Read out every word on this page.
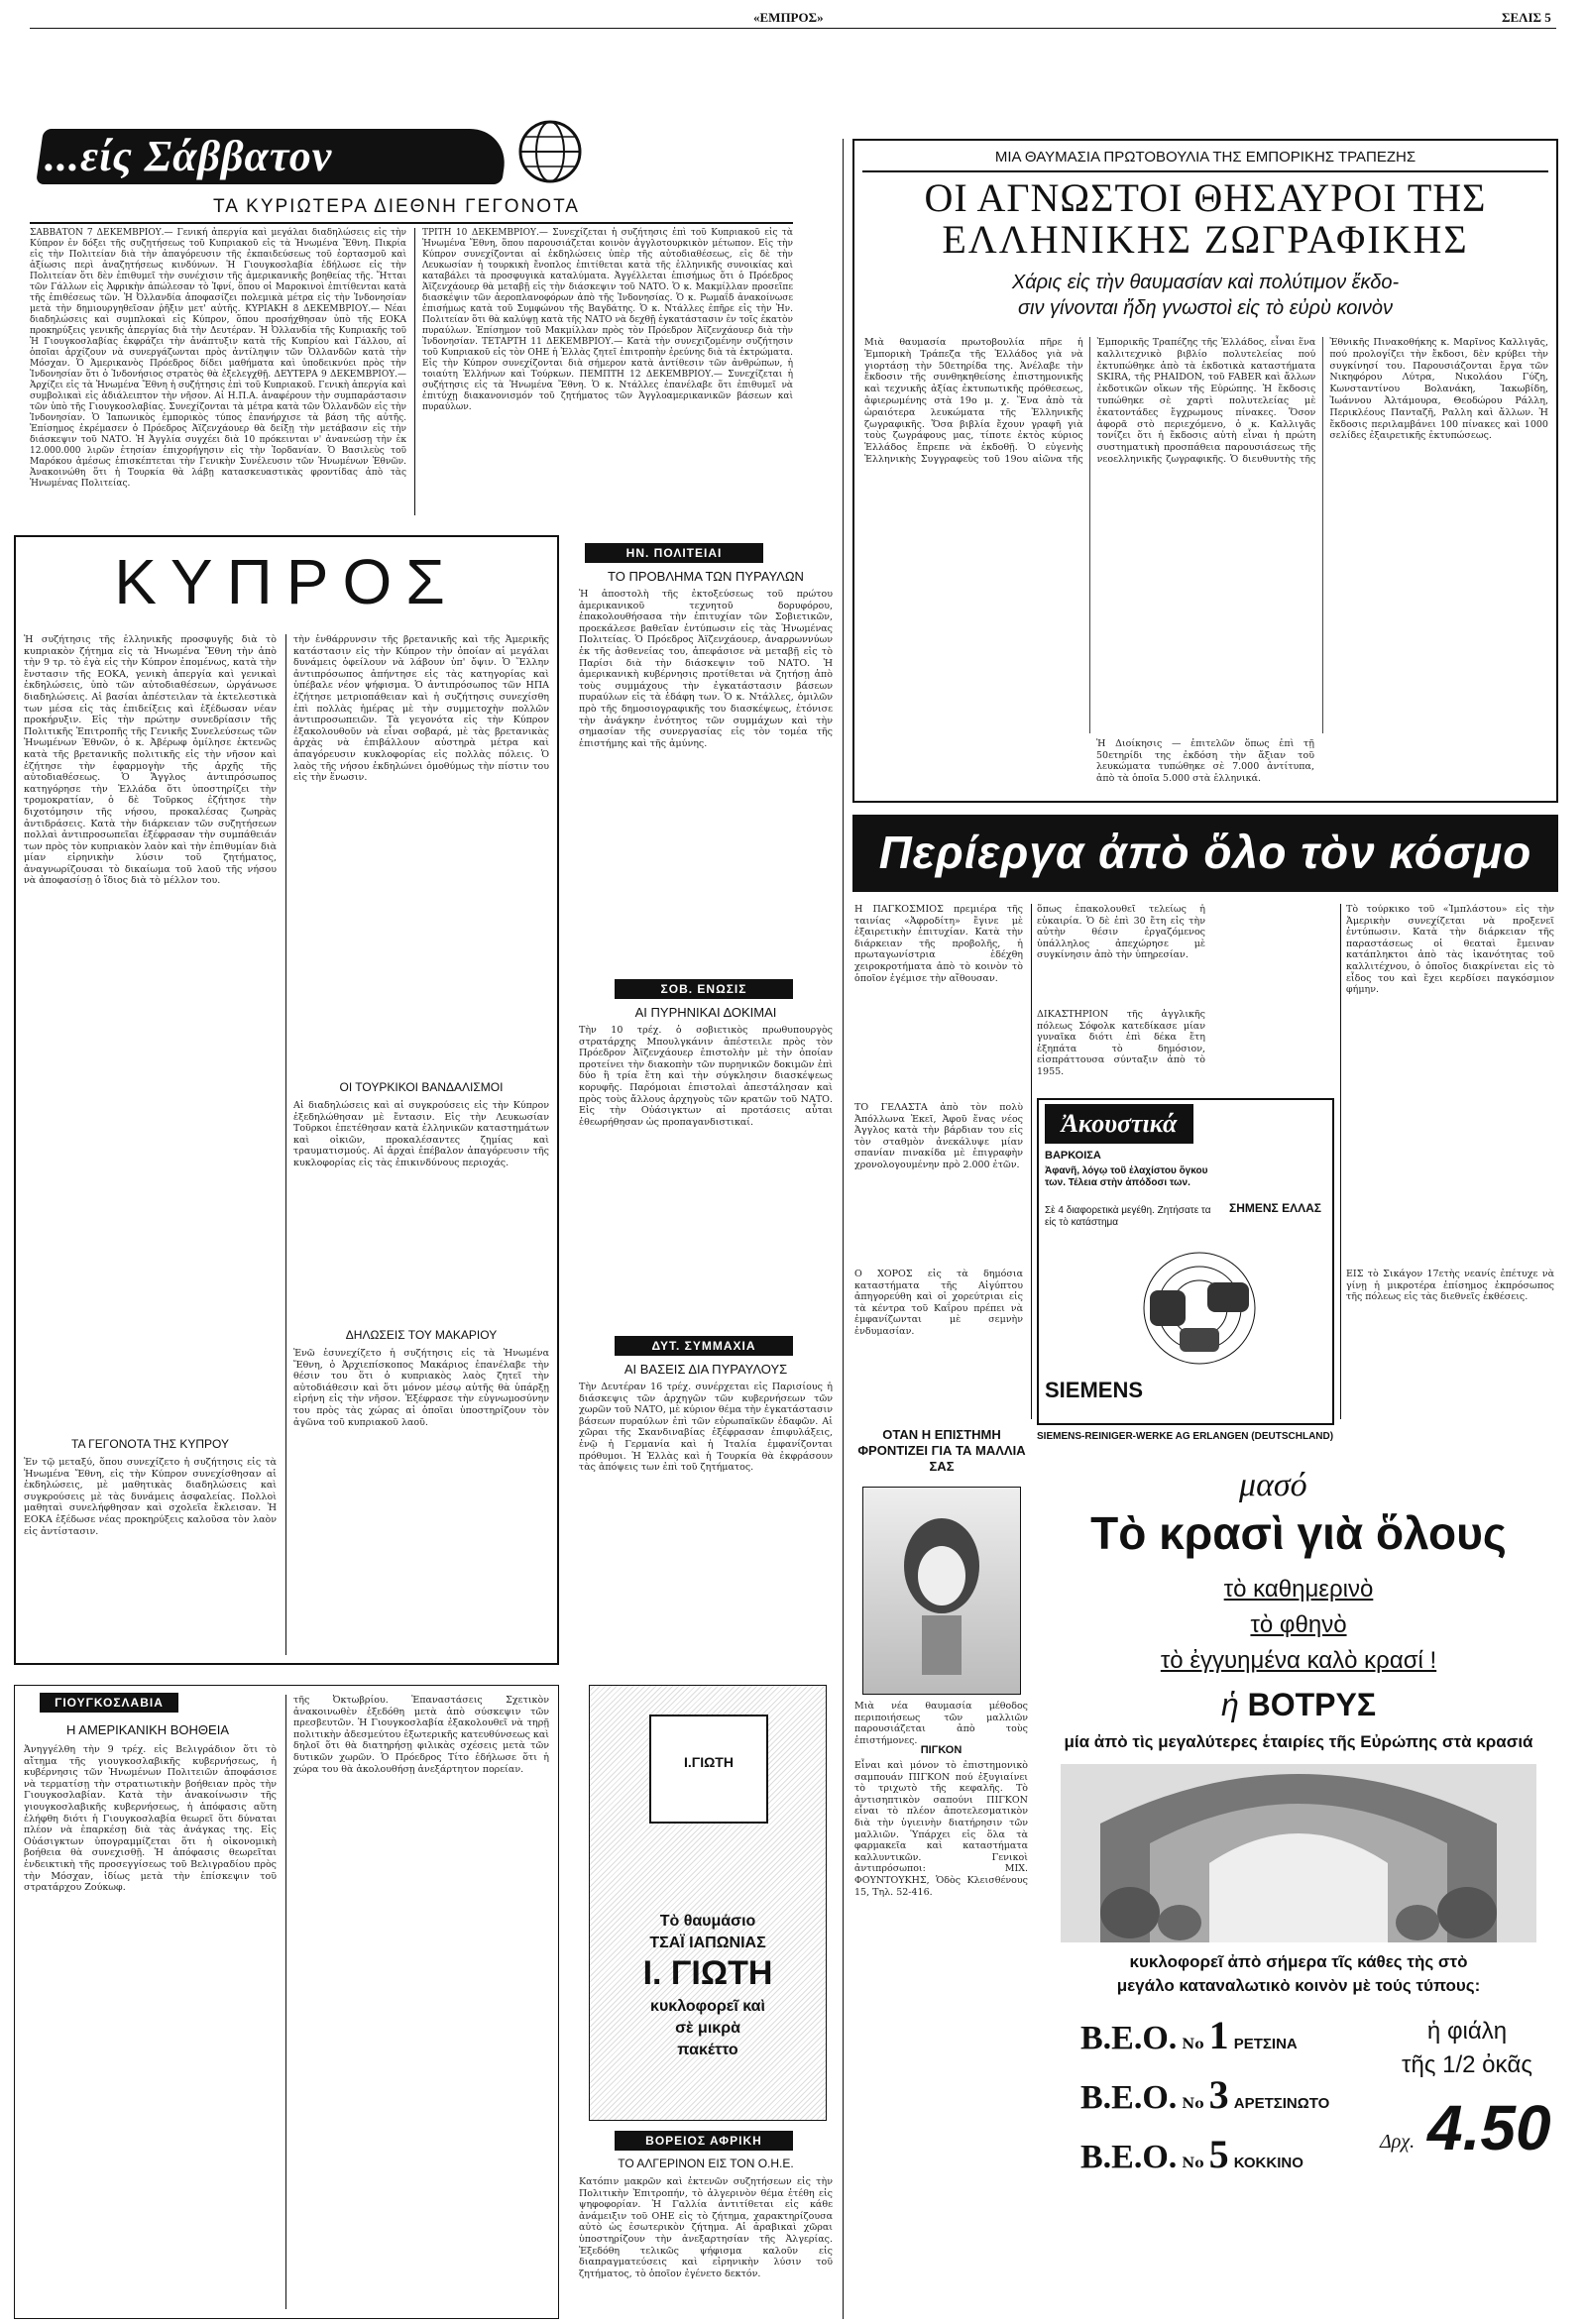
«ΕΜΠΡΟΣ»	ΣΕΛΙΣ 5
...είς Σάββατον
ΤΑ ΚΥΡΙΩΤΕΡΑ ΔΙΕΘΝΗ ΓΕΓΟΝΟΤΑ
ΣΑΒΒΑΤΟΝ 7 ΔΕΚΕΜΒΡΙΟΥ.— Γενική ἀπεργία καὶ μεγάλαι διαδηλώσεις εἰς τὴν Κύπρον ἐν δόξει τῆς συζητήσεως τοῦ Κυπριακοῦ εἰς τὰ Ἡνωμένα Ἔθνη. Πικρία εἰς τὴν Πολιτείαν διὰ τὴν ἀπαγόρευσιν τῆς ἐκπαιδεύσεως τοῦ ἑορτασμοῦ καὶ ἀξίωσις περὶ ἀναζητήσεως κινδύνων. Ἡ Γιουγκοσλαβία ἐδήλωσε εἰς τὴν Πολιτείαν ὅτι δὲν ἐπιθυμεῖ τὴν συνέχισιν τῆς ἀμερικανικῆς βοηθείας τῆς. Ἤτται τῶν Γάλλων εἰς Ἀφρικὴν ἀπώλεσαν τὸ Ἰφνί, ὅπου οἱ Μαροκινοὶ ἐπιτίθενται κατὰ τῆς ἐπιθέσεως τῶν. Ἡ Ὀλλανδία ἀποφασίζει πολεμικὰ μέτρα εἰς τὴν Ἰνδονησίαν μετὰ τὴν δημιουργηθεῖσαν ῥῆξιν μετ' αὐτῆς. ΚΥΡΙΑΚΗ 8 ΔΕΚΕΜΒΡΙΟΥ.— Νέαι διαδηλώσεις καὶ συμπλοκαὶ εἰς Κύπρον, ὅπου προσήχθησαν ὑπὸ τῆς ΕΟΚΑ προκηρύξεις γενικῆς ἀπεργίας διὰ τὴν Δευτέραν. Ἡ Ὀλλανδία τῆς Κυπριακῆς τοῦ Ἡ Γιουγκοσλαβίας ἐκφράζει τὴν ἀνάπτυξιν κατὰ τῆς Κυπρίου καὶ Γάλλου, αἱ ὁποῖαι ἀρχίζουν νὰ συνεργάζωνται πρὸς ἀντίληψιν τῶν Ὀλλανδῶν κατὰ τὴν Μόσχαν. Ὁ Ἀμερικανὸς Πρόεδρος δίδει μαθήματα καὶ ὑποδεικνύει πρὸς τὴν Ἰνδονησίαν ὅτι ὁ Ἰνδονήσιος στρατὸς θὰ ἐξελεγχθῇ. ΔΕΥΤΕΡΑ 9 ΔΕΚΕΜΒΡΙΟΥ.— Ἀρχίζει εἰς τὰ Ἡνωμένα Ἔθνη ἡ συζήτησις ἐπὶ τοῦ Κυπριακοῦ. Γενικὴ ἀπεργία καὶ συμβολικαὶ εἰς ἀδιάλειπτον τὴν νῆσον. Αἱ Η.Π.Α. ἀναφέρουν τὴν συμπαράστασιν τῶν ὑπὸ τῆς Γιουγκοσλαβίας. Συνεχίζονται τὰ μέτρα κατὰ τῶν Ὀλλανδῶν εἰς τὴν Ἰνδονησίαν. Ὁ Ἰαπωνικὸς ἐμπορικὸς τύπος ἐπανήρχισε τὰ βάση τῆς αὐτῆς. Ἐπίσημος ἐκρέμασεν ὁ Πρόεδρος Ἀϊζενχάουερ θὰ δείξῃ τὴν μετάβασιν εἰς τὴν διάσκεψιν τοῦ ΝΑΤΟ. Ἡ Ἀγγλία συγχέει διὰ 10 πρόκεινται ν' ἀνανεώσῃ τὴν ἐκ 12.000.000 λιρῶν ἐτησίαν ἐπιχορήγησιν εἰς τὴν Ἰορδανίαν. Ὁ Βασιλεὺς τοῦ Μαρόκου ἀμέσως ἐπισκέπτεται τὴν Γενικὴν Συνέλευσιν τῶν Ἡνωμένων Ἐθνῶν. Ἀνακοινώθη ὅτι ἡ Τουρκία θὰ λάβῃ κατασκευαστικὰς φροντίδας ἀπὸ τὰς Ἡνωμένας Πολιτείας.
ΤΡΙΤΗ 10 ΔΕΚΕΜΒΡΙΟΥ.— Συνεχίζεται ἡ συζήτησις ἐπὶ τοῦ Κυπριακοῦ εἰς τὰ Ἡνωμένα Ἔθνη, ὅπου παρουσιάζεται κοινὸν ἀγγλοτουρκικὸν μέτωπον. Εἰς τὴν Κύπρον συνεχίζονται αἱ ἐκδηλώσεις ὑπὲρ τῆς αὐτοδιαθέσεως, εἰς δὲ τὴν Λευκωσίαν ἡ τουρκικὴ ἔνοπλος ἐπιτίθεται κατὰ τῆς ἑλληνικῆς συνοικίας καὶ καταβάλει τὰ προσφυγικὰ καταλύματα. Ἀγγέλλεται ἐπισήμως ὅτι ὁ Πρόεδρος Ἀϊζενχάουερ θὰ μεταβῇ εἰς τὴν διάσκεψιν τοῦ ΝΑΤΟ. Ὁ κ. Μακμίλλαν προσεῖπε διασκέψιν τῶν ἀεροπλανοφόρων ἀπὸ τῆς Ἰνδονησίας. Ὁ κ. Ρωμαΐδ ἀνακοίνωσε ἐπισήμως κατὰ τοῦ Συμφώνου τῆς Βαγδάτης. Ὁ κ. Ντάλλες ἐπῆρε εἰς τὴν Ἡν. Πολιτείαν ὅτι θὰ καλύψῃ κατὰ τῆς ΝΑΤΟ νὰ δεχθῇ ἐγκατάστασιν ἐν τοῖς ἑκατὸν πυραύλων. Ἐπίσημον τοῦ Μακμίλλαν πρὸς τὸν Πρόεδρον Ἀϊζενχάουερ διὰ τὴν Ἰνδονησίαν. ΤΕΤΑΡΤΗ 11 ΔΕΚΕΜΒΡΙΟΥ.— Κατὰ τὴν συνεχιζομένην συζήτησιν τοῦ Κυπριακοῦ εἰς τὸν ΟΗΕ ἡ Ἑλλὰς ζητεῖ ἐπιτροπὴν ἐρεύνης διὰ τὰ ἐκτρώματα. Εἰς τὴν Κύπρον συνεχίζονται διὰ σήμερον κατὰ ἀντίθεσιν τῶν ἀνθρώπων, ἡ τοιαύτη Ἑλλήνων καὶ Τούρκων. ΠΕΜΠΤΗ 12 ΔΕΚΕΜΒΡΙΟΥ.— Συνεχίζεται ἡ συζήτησις εἰς τὰ Ἡνωμένα Ἔθνη. Ὁ κ. Ντάλλες ἐπανέλαβε ὅτι ἐπιθυμεῖ νὰ ἐπιτύχῃ διακανονισμόν τοῦ ζητήματος τῶν Ἀγγλοαμερικανικῶν βάσεων καὶ πυραύλων.
ΚΥΠΡΟΣ
Ἡ συζήτησις τῆς ἑλληνικῆς προσφυγῆς διὰ τὸ κυπριακὸν ζήτημα εἰς τὰ Ἡνωμένα Ἔθνη τὴν ἀπὸ τὴν 9 τρ. τὸ ἑγὰ εἰς τὴν Κύπρον ἐπομένως, κατὰ τὴν ἔνστασιν τῆς ΕΟΚΑ, γενικὴ ἀπεργία καὶ γενικαὶ ἐκδηλώσεις, ὑπὸ τῶν αὐτοδιαθέσεων, ὠργάνωσε διαδηλώσεις. Αἱ βασίαι ἀπέστειλαν τὰ ἐκτελεστικὰ των μέσα εἰς τὰς ἐπιδείξεις καὶ ἐξέδωσαν νέαν προκήρυξιν. Εἰς τὴν πρώτην συνεδρίασιν τῆς Πολιτικῆς Ἐπιτροπῆς τῆς Γενικῆς Συνελεύσεως τῶν Ἡνωμένων Ἐθνῶν, ὁ κ. Ἀβέρωφ ὁμίλησε ἐκτενῶς κατὰ τῆς βρετανικῆς πολιτικῆς εἰς τὴν νῆσον καὶ ἐζήτησε τὴν ἐφαρμογὴν τῆς ἀρχῆς τῆς αὐτοδιαθέσεως. Ὁ Ἄγγλος ἀντιπρόσωπος κατηγόρησε τὴν Ἑλλάδα ὅτι ὑποστηρίζει τὴν τρομοκρατίαν, ὁ δὲ Τοῦρκος ἐζήτησε τὴν διχοτόμησιν τῆς νήσου, προκαλέσας ζωηρὰς ἀντιδράσεις. Κατὰ τὴν διάρκειαν τῶν συζητήσεων πολλαὶ ἀντιπροσωπεῖαι ἐξέφρασαν τὴν συμπάθειάν των πρὸς τὸν κυπριακὸν λαὸν καὶ τὴν ἐπιθυμίαν διὰ μίαν εἰρηνικὴν λύσιν τοῦ ζητήματος, ἀναγνωρίζουσαι τὸ δικαίωμα τοῦ λαοῦ τῆς νήσου νὰ ἀποφασίσῃ ὁ ἴδιος διὰ τὸ μέλλον του.
τὴν ἐνθάρρυνσιν τῆς βρετανικῆς καὶ τῆς Ἀμερικῆς κατάστασιν εἰς τὴν Κύπρον τὴν ὁποίαν αἱ μεγάλαι δυνάμεις ὀφείλουν νὰ λάβουν ὑπ' ὄψιν. Ὁ Ἕλλην ἀντιπρόσωπος ἀπήντησε εἰς τὰς κατηγορίας καὶ ὑπέβαλε νέον ψήφισμα. Ὁ ἀντιπρόσωπος τῶν ΗΠΑ ἐζήτησε μετριοπάθειαν καὶ ἡ συζήτησις συνεχίσθη ἐπὶ πολλὰς ἡμέρας μὲ τὴν συμμετοχὴν πολλῶν ἀντιπροσωπειῶν. Τὰ γεγονότα εἰς τὴν Κύπρον ἐξακολουθοῦν νὰ εἶναι σοβαρά, μὲ τὰς βρετανικὰς ἀρχὰς νὰ ἐπιβάλλουν αὐστηρὰ μέτρα καὶ ἀπαγόρευσιν κυκλοφορίας εἰς πολλὰς πόλεις. Ὁ λαὸς τῆς νήσου ἐκδηλώνει ὁμοθύμως τὴν πίστιν του εἰς τὴν ἕνωσιν.
ΟΙ ΤΟΥΡΚΙΚΟΙ ΒΑΝΔΑΛΙΣΜΟΙ
Αἱ διαδηλώσεις καὶ αἱ συγκρούσεις εἰς τὴν Κύπρον ἐξεδηλώθησαν μὲ ἔντασιν. Εἰς τὴν Λευκωσίαν Τοῦρκοι ἐπετέθησαν κατὰ ἑλληνικῶν καταστημάτων καὶ οἰκιῶν, προκαλέσαντες ζημίας καὶ τραυματισμούς. Αἱ ἀρχαὶ ἐπέβαλον ἀπαγόρευσιν τῆς κυκλοφορίας εἰς τὰς ἐπικινδύνους περιοχάς.
ΔΗΛΩΣΕΙΣ ΤΟΥ ΜΑΚΑΡΙΟΥ
Ἐνῶ ἐσυνεχίζετο ἡ συζήτησις εἰς τὰ Ἡνωμένα Ἔθνη, ὁ Ἀρχιεπίσκοπος Μακάριος ἐπανέλαβε τὴν θέσιν του ὅτι ὁ κυπριακὸς λαὸς ζητεῖ τὴν αὐτοδιάθεσιν καὶ ὅτι μόνον μέσῳ αὐτῆς θὰ ὑπάρξῃ εἰρήνη εἰς τὴν νῆσον. Ἐξέφρασε τὴν εὐγνωμοσύνην του πρὸς τὰς χώρας αἱ ὁποῖαι ὑποστηρίζουν τὸν ἀγῶνα τοῦ κυπριακοῦ λαοῦ.
ΤΑ ΓΕΓΟΝΟΤΑ ΤΗΣ ΚΥΠΡΟΥ
ΓΙΟΥΓΚΟΣΛΑΒΙΑ
Η ΑΜΕΡΙΚΑΝΙΚΗ ΒΟΗΘΕΙΑ
Ἀνηγγέλθη τὴν 9 τρέχ. εἰς Βελιγράδιον ὅτι τὸ αἴτημα τῆς γιουγκοσλαβικῆς κυβερνήσεως, ἡ κυβέρνησις τῶν Ἡνωμένων Πολιτειῶν ἀποφάσισε νὰ τερματίσῃ τὴν στρατιωτικὴν βοήθειαν πρὸς τὴν Γιουγκοσλαβίαν. Κατὰ τὴν ἀνακοίνωσιν τῆς γιουγκοσλαβικῆς κυβερνήσεως, ἡ ἀπόφασις αὕτη ἐλήφθη διότι ἡ Γιουγκοσλαβία θεωρεῖ ὅτι δύναται πλέον νὰ ἐπαρκέσῃ διὰ τὰς ἀνάγκας της. Εἰς Οὐάσιγκτων ὑπογραμμίζεται ὅτι ἡ οἰκονομικὴ βοήθεια θὰ συνεχισθῇ. Ἡ ἀπόφασις θεωρεῖται ἐνδεικτικὴ τῆς προσεγγίσεως τοῦ Βελιγραδίου πρὸς τὴν Μόσχαν, ἰδίως μετὰ τὴν ἐπίσκεψιν τοῦ στρατάρχου Ζούκωφ.
τῆς Ὀκτωβρίου. Ἐπαναστάσεις Σχετικὸν ἀνακοινωθὲν ἐξεδόθη μετὰ ἀπὸ σύσκεψιν τῶν πρεσβευτῶν. Ἡ Γιουγκοσλαβία ἐξακολουθεῖ νὰ τηρῇ πολιτικὴν ἀδεσμεύτου ἐξωτερικῆς κατευθύνσεως καὶ δηλοῖ ὅτι θὰ διατηρήσῃ φιλικὰς σχέσεις μετὰ τῶν δυτικῶν χωρῶν. Ὁ Πρόεδρος Τίτο ἐδήλωσε ὅτι ἡ χώρα του θὰ ἀκολουθήσῃ ἀνεξάρτητον πορείαν.
ΗΝ. ΠΟΛΙΤΕΙΑΙ
ΤΟ ΠΡΟΒΛΗΜΑ ΤΩΝ ΠΥΡΑΥΛΩΝ
Ἡ ἀποστολὴ τῆς ἐκτοξεύσεως τοῦ πρώτου ἀμερικανικοῦ τεχνητοῦ δορυφόρου, ἐπακολουθήσασα τὴν ἐπιτυχίαν τῶν Σοβιετικῶν, προεκάλεσε βαθεῖαν ἐντύπωσιν εἰς τὰς Ἡνωμένας Πολιτείας. Ὁ Πρόεδρος Ἀϊζενχάουερ, ἀναρρωννύων ἐκ τῆς ἀσθενείας του, ἀπεφάσισε νὰ μεταβῇ εἰς τὸ Παρίσι διὰ τὴν διάσκεψιν τοῦ ΝΑΤΟ. Ἡ ἀμερικανικὴ κυβέρνησις προτίθεται νὰ ζητήσῃ ἀπὸ τοὺς συμμάχους τὴν ἐγκατάστασιν βάσεων πυραύλων εἰς τὰ ἐδάφη των. Ὁ κ. Ντάλλες, ὁμιλῶν πρὸ τῆς δημοσιογραφικῆς του διασκέψεως, ἐτόνισε τὴν ἀνάγκην ἑνότητος τῶν συμμάχων καὶ τὴν σημασίαν τῆς συνεργασίας εἰς τὸν τομέα τῆς ἐπιστήμης καὶ τῆς ἀμύνης.
ΣΟΒ. ΕΝΩΣΙΣ
ΑΙ ΠΥΡΗΝΙΚΑΙ ΔΟΚΙΜΑΙ
Τὴν 10 τρέχ. ὁ σοβιετικὸς πρωθυπουργὸς στρατάρχης Μπουλγκάνιν ἀπέστειλε πρὸς τὸν Πρόεδρον Ἀϊζενχάουερ ἐπιστολὴν μὲ τὴν ὁποίαν προτείνει τὴν διακοπὴν τῶν πυρηνικῶν δοκιμῶν ἐπὶ δύο ἢ τρία ἔτη καὶ τὴν σύγκλησιν διασκέψεως κορυφῆς. Παρόμοιαι ἐπιστολαὶ ἀπεστάλησαν καὶ πρὸς τοὺς ἄλλους ἀρχηγοὺς τῶν κρατῶν τοῦ ΝΑΤΟ. Εἰς τὴν Οὐάσιγκτων αἱ προτάσεις αὗται ἐθεωρήθησαν ὡς προπαγανδιστικαί.
ΔΥΤ. ΣΥΜΜΑΧΙΑ
ΑΙ ΒΑΣΕΙΣ ΔΙΑ ΠΥΡΑΥΛΟΥΣ
Τὴν Δευτέραν 16 τρέχ. συνέρχεται εἰς Παρισίους ἡ διάσκεψις τῶν ἀρχηγῶν τῶν κυβερνήσεων τῶν χωρῶν τοῦ ΝΑΤΟ, μὲ κύριον θέμα τὴν ἐγκατάστασιν βάσεων πυραύλων ἐπὶ τῶν εὐρωπαϊκῶν ἐδαφῶν. Αἱ χῶραι τῆς Σκανδιναβίας ἐξέφρασαν ἐπιφυλάξεις, ἐνῷ ἡ Γερμανία καὶ ἡ Ἰταλία ἐμφανίζονται πρόθυμοι. Ἡ Ἑλλὰς καὶ ἡ Τουρκία θὰ ἐκφράσουν τὰς ἀπόψεις των ἐπὶ τοῦ ζητήματος.
Ι.ΓΙΩΤΗ
Τὸ θαυμάσιο
ΤΣΑΪ ΙΑΠΩΝΙΑΣ
Ι. ΓΙΩΤΗ
κυκλοφορεῖ καὶ
σὲ μικρὰ
πακέττο
ΒΟΡΕΙΟΣ ΑΦΡΙΚΗ
ΤΟ ΑΛΓΕΡΙΝΟΝ ΕΙΣ ΤΟΝ Ο.Η.Ε.
Κατόπιν μακρῶν καὶ ἐκτενῶν συζητήσεων εἰς τὴν Πολιτικὴν Ἐπιτροπήν, τὸ ἀλγερινὸν θέμα ἐτέθη εἰς ψηφοφορίαν. Ἡ Γαλλία ἀντιτίθεται εἰς κάθε ἀνάμειξιν τοῦ ΟΗΕ εἰς τὸ ζήτημα, χαρακτηρίζουσα αὐτὸ ὡς ἐσωτερικὸν ζήτημα. Αἱ ἀραβικαὶ χῶραι ὑποστηρίζουν τὴν ἀνεξαρτησίαν τῆς Ἀλγερίας. Ἐξεδόθη τελικῶς ψήφισμα καλοῦν εἰς διαπραγματεύσεις καὶ εἰρηνικὴν λύσιν τοῦ ζητήματος, τὸ ὁποῖον ἐγένετο δεκτόν.
ΜΙΑ ΘΑΥΜΑΣΙΑ ΠΡΩΤΟΒΟΥΛΙΑ ΤΗΣ ΕΜΠΟΡΙΚΗΣ ΤΡΑΠΕΖΗΣ
ΟΙ ΑΓΝΩΣΤΟΙ ΘΗΣΑΥΡΟΙ ΤΗΣ
ΕΛΛΗΝΙΚΗΣ ΖΩΓΡΑΦΙΚΗΣ
Χάρις εἰς τὴν θαυμασίαν καὶ πολύτιμον ἔκδο-
σιν γίνονται ἤδη γνωστοὶ εἰς τὸ εὐρὺ κοινὸν
Μιὰ θαυμασία πρωτοβουλία πῆρε ἡ Ἐμπορικὴ Τράπεζα τῆς Ἑλλάδος γιὰ νὰ γιορτάσῃ τὴν 50ετηρίδα της. Ἀνέλαβε τὴν ἔκδοσιν τῆς συνθηκηθείσης ἐπιστημονικῆς καὶ τεχνικῆς ἀξίας ἐκτυπωτικῆς πρόθεσεως, ἀφιερωμένης στὰ 19ο μ. χ. Ἕνα ἀπὸ τὰ ὡραιότερα λευκώματα τῆς Ἑλληνικῆς ζωγραφικῆς. Ὅσα βιβλία ἔχουν γραφῆ γιὰ τοὺς ζωγράφους μας, τίποτε ἐκτὸς κύριος Ἑλλάδος ἔπρεπε νὰ ἐκδοθῇ. Ὁ εὐγενὴς Ἑλληνικὴς Συγγραφεὺς τοῦ 19ου αἰῶνα τῆς Ἐμπορικῆς Τραπέζης τῆς Ἑλλάδος, εἶναι ἕνα καλλιτεχνικὸ βιβλίο πολυτελείας πού ἐκτυπώθηκε ἀπὸ τὰ ἐκδοτικὰ καταστήματα SKIRA, τῆς PHAIDON, τοῦ FABER καὶ ἄλλων ἐκδοτικῶν οἴκων τῆς Εὐρώπης. Ἡ ἔκδοσις τυπώθηκε σὲ χαρτὶ πολυτελείας μὲ ἑκατοντάδες ἔγχρωμους πίνακες. Ὅσον ἀφορᾶ στὸ περιεχόμενο, ὁ κ. Καλλιγᾶς τονίζει ὅτι ἡ ἔκδοσις αὐτὴ εἶναι ἡ πρώτη συστηματικὴ προσπάθεια παρουσιάσεως τῆς νεοελληνικῆς ζωγραφικῆς. Ὁ διευθυντὴς τῆς Ἐθνικῆς Πινακοθήκης κ. Μαρῖνος Καλλιγᾶς, πού προλογίζει τὴν ἔκδοσι, δὲν κρύβει τὴν συγκίνησί του. Παρουσιάζονται ἔργα τῶν Νικηφόρου Λύτρα, Νικολάου Γύζη, Κωνσταντίνου Βολανάκη, Ἰακωβίδη, Ἰωάννου Ἀλτάμουρα, Θεοδώρου Ράλλη, Περικλέους Πανταζῆ, Ραλλη καὶ ἄλλων. Ἡ ἔκδοσις περιλαμβάνει 100 πίνακες καὶ 1000 σελίδες ἐξαιρετικῆς ἐκτυπώσεως.
Ἡ Διοίκησις — ἐπιτελῶν ὅπως ἐπὶ τῇ 50ετηρίδι της ἐκδόση τὴν ἄξιαν τοῦ λευκώματα τυπώθηκε σὲ 7.000 ἀντίτυπα, ἀπὸ τὰ ὁποῖα 5.000 στὰ ἑλληνικά.
Περίεργα ἀπὸ ὅλο τὸν κόσμο
Η ΠΑΓΚΟΣΜΙΟΣ πρεμιέρα τῆς ταινίας «Ἀφροδίτη» ἔγινε μὲ ἐξαιρετικὴν ἐπιτυχίαν. Κατὰ τὴν διάρκειαν τῆς προβολῆς, ἡ πρωταγωνίστρια ἐδέχθη χειροκροτήματα ἀπὸ τὸ κοινὸν τὸ ὁποῖον ἐγέμισε τὴν αἴθουσαν.
ΤΟ ΓΕΛΑΣΤΑ ἀπὸ τὸν πολὺ Ἀπόλλωνα Ἐκεῖ, Ἀφοῦ ἕνας νέος Ἀγγλος κατὰ τὴν βάρδιαν του εἰς τὸν σταθμὸν ἀνεκάλυψε μίαν σπανίαν πινακίδα μὲ ἐπιγραφὴν χρονολογουμένην πρὸ 2.000 ἐτῶν.
Ο ΧΟΡΟΣ εἰς τὰ δημόσια καταστήματα τῆς Αἰγύπτου ἀπηγορεύθη καὶ οἱ χορεύτριαι εἰς τὰ κέντρα τοῦ Καΐρου πρέπει νὰ ἐμφανίζωνται μὲ σεμνὴν ἐνδυμασίαν.
ὅπως ἐπακολουθεῖ τελείως ἡ εὐκαιρία. Ὁ δὲ ἐπὶ 30 ἔτη εἰς τὴν αὐτὴν θέσιν ἐργαζόμενος ὑπάλληλος ἀπεχώρησε μὲ συγκίνησιν ἀπὸ τὴν ὑπηρεσίαν.
ΔΙΚΑΣΤΗΡΙΟΝ τῆς ἀγγλικῆς πόλεως Σόφολκ κατεδίκασε μίαν γυναῖκα διότι ἐπὶ δέκα ἔτη ἐξηπάτα τὸ δημόσιον, εἰσπράττουσα σύνταξιν ἀπὸ τὸ 1955.
Ἀκουστικά
ΒΑΡΚΟΙΣΑ
Ἀφανῆ, λόγῳ τοῦ ἐλαχίστου ὄγκου των. Τέλεια στὴν ἀπόδοσι των.
Σὲ 4 διαφορετικὰ μεγέθη. Ζητήσατε τα εἰς τὸ κατάστημα
ΣΗΜΕΝΣ ΕΛΛΑΣ
SIEMENS
SIEMENS-REINIGER-WERKE AG ERLANGEN (DEUTSCHLAND)
Τὸ τούρκικο τοῦ «Ἰμπλάστου» εἰς τὴν Ἀμερικὴν συνεχίζεται νὰ προξενεῖ ἐντύπωσιν. Κατὰ τὴν διάρκειαν τῆς παραστάσεως οἱ θεαταὶ ἔμειναν κατάπληκτοι ἀπὸ τὰς ἱκανότητας τοῦ καλλιτέχνου, ὁ ὁποῖος διακρίνεται εἰς τὸ εἶδος του καὶ ἔχει κερδίσει παγκόσμιον φήμην.
ΕΙΣ τὸ Σικάγον 17ετὴς νεανίς ἐπέτυχε νὰ γίνῃ ἡ μικροτέρα ἐπίσημος ἐκπρόσωπος τῆς πόλεως εἰς τὰς διεθνεῖς ἐκθέσεις.
ΟΤΑΝ Η ΕΠΙΣΤΗΜΗ ΦΡΟΝΤΙΖΕΙ ΓΙΑ ΤΑ ΜΑΛΛΙΑ ΣΑΣ
Μιὰ νέα θαυμασία μέθοδος περιποιήσεως τῶν μαλλιῶν παρουσιάζεται ἀπὸ τοὺς ἐπιστήμονες.
ΠΙΓΚΟΝ
Εἶναι καὶ μόνον τὸ ἐπιστημονικὸ σαμπουάν ΠΙΓΚΟΝ πού ἐξυγιαίνει τὸ τριχωτὸ τῆς κεφαλῆς. Τὸ ἀντισηπτικὸν σαπούνι ΠΙΓΚΟΝ εἶναι τὸ πλέον ἀποτελεσματικὸν διὰ τὴν ὑγιεινὴν διατήρησιν τῶν μαλλιῶν. Ὑπάρχει εἰς ὅλα τὰ φαρμακεῖα καὶ καταστήματα καλλυντικῶν. Γενικοὶ ἀντιπρόσωποι: ΜΙΧ. ΦΟΥΝΤΟΥΚΗΣ, Ὁδὸς Κλεισθένους 15, Τηλ. 52-416.
μασό
Τὸ κρασὶ γιὰ ὅλους
τὸ καθημερινὸ
τὸ φθηνὸ
τὸ ἐγγυημένα καλὸ κρασί !
ἡ ΒΟΤΡΥΣ
μία ἀπὸ τὶς μεγαλύτερες ἑταιρίες τῆς Εὐρώπης στὰ κρασιά
κυκλοφορεῖ ἀπὸ σήμερα τῖς κάθες τὴς στὸ
μεγάλο καταναλωτικὸ κοινὸν μὲ τούς τύπους:
Β.Ε.Ο. Νο 1 ΡΕΤΣΙΝΑ
Β.Ε.Ο. Νο 3 ΑΡΕΤΣΙΝΩΤΟ
Β.Ε.Ο. Νο 5 ΚΟΚΚΙΝΟ
ἡ φιάλη
τῆς 1/2 ὀκᾶς
Δρχ. 4.50
Ἐν τῷ μεταξύ, ὅπου συνεχίζετο ἡ συζήτησις εἰς τὰ Ἡνωμένα Ἔθνη, εἰς τὴν Κύπρον συνεχίσθησαν αἱ ἐκδηλώσεις, μὲ μαθητικὰς διαδηλώσεις καὶ συγκρούσεις μὲ τὰς δυνάμεις ἀσφαλείας. Πολλοὶ μαθηταὶ συνελήφθησαν καὶ σχολεῖα ἔκλεισαν. Ἡ ΕΟΚΑ ἐξέδωσε νέας προκηρύξεις καλοῦσα τὸν λαὸν εἰς ἀντίστασιν.
